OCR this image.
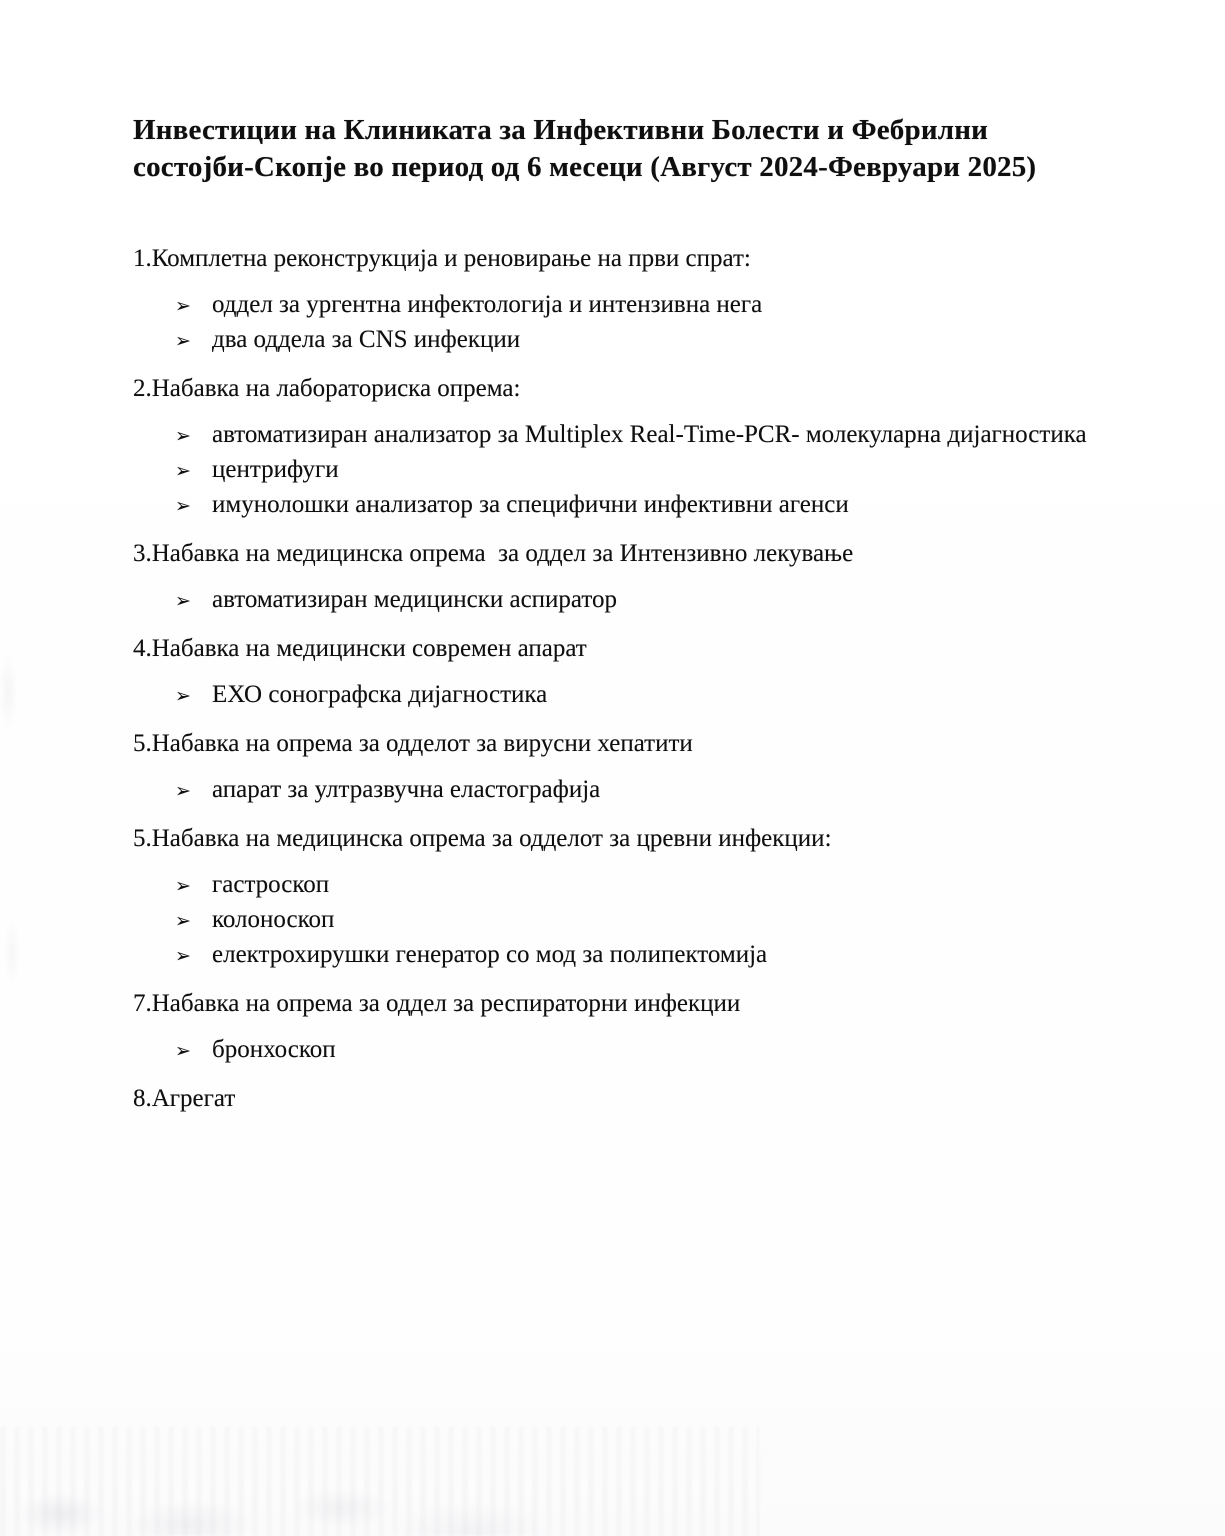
Инвестиции на Клиниката за Инфективни Болести и Фебрилни
состојби-Скопје во период од 6 месеци (Август 2024-Февруари 2025)

1.Комплетна реконструкција и реновирање на први спрат:

➢ оддел за ургентна инфектологија и интензивна нега
➢ два оддела за CNS инфекции

2.Набавка на лабораториска опрема:

➢ автоматизиран анализатор за Multiplex Real-Time-PCR- молекуларна дијагностика
➢ центрифуги
➢ имунолошки анализатор за специфични инфективни агенси

3.Набавка на медицинска опрема  за оддел за Интензивно лекување

➢ автоматизиран медицински аспиратор

4.Набавка на медицински современ апарат

➢ ЕХО сонографска дијагностика

5.Набавка на опрема за одделот за вирусни хепатити

➢ апарат за ултразвучна еластографија

5.Набавка на медицинска опрема за одделот за цревни инфекции:

➢ гастроскоп
➢ колоноскоп
➢ електрохирушки генератор со мод за полипектомија

7.Набавка на опрема за оддел за респираторни инфекции

➢ бронхоскоп

8.Агрегат
